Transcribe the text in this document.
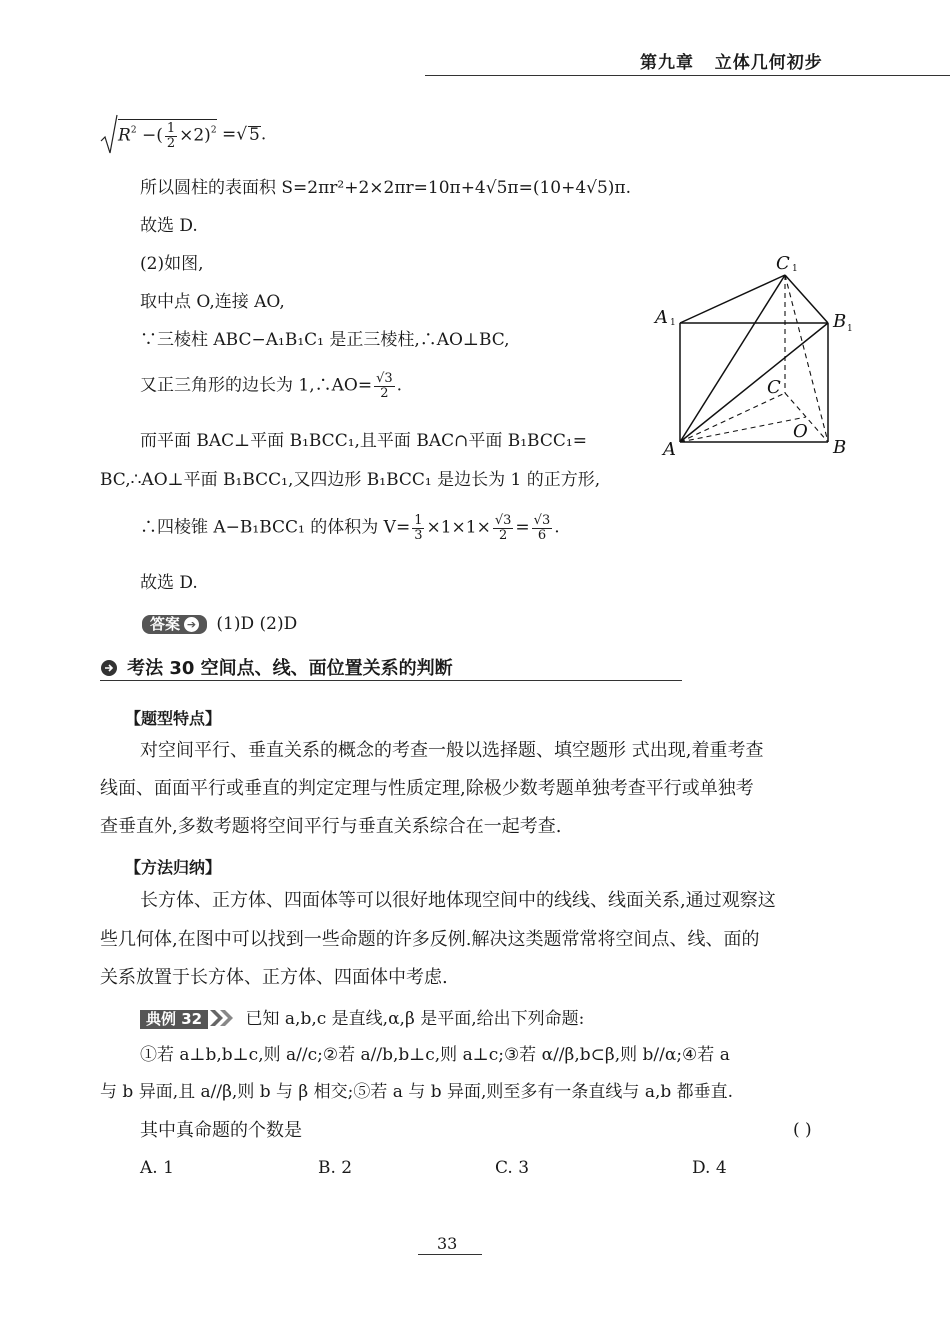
第九章 立体几何初步
$R^2$ −( $\frac{1}{2} \times 2)^2$ =√ 5.
所以圆柱的表面积 S=2πr²+2×2πr=10π+4√5π=(10+4√5)π.
故选 D.
(2)如图,
取中点 O,连接 AO,
∵三棱柱 ABC−A₁B₁C₁ 是正三棱柱,∴AO⊥BC,
又正三角形的边长为 1,∴AO= $\frac{√3}{2}$ .
而平面 BAC⊥平面 B₁BCC₁,且平面 BAC∩平面 B₁BCC₁=
BC,∴AO⊥平面 B₁BCC₁,又四边形 B₁BCC₁ 是边长为 1 的正方形,
∴四棱锥 A−B₁BCC₁ 的体积为 $V= \frac{1}{3} \times 1\times 1\times \frac{√3}{2} = \frac{√3}{6}$ .
故选 D.
答案 ➔ (1)D (2)D
C 1
A 1	B 1
C
O
A	B
考法 30 空间点、线、面位置关系的判断
【题型特点】
对空间平行、垂直关系的概念的考查一般以选择题、填空题形 式出现,着重考查
线面、面面平行或垂直的判定定理与性质定理,除极少数考题单独考查平行或单独考
查垂直外,多数考题将空间平行与垂直关系综合在一起考查.
【方法归纳】
长方体、正方体、四面体等可以很好地体现空间中的线线、线面关系,通过观察这
些几何体,在图中可以找到一些命题的许多反例.解决这类题常常将空间点、线、面的
关系放置于长方体、正方体、四面体中考虑.
典例 32	已知 a,b,c 是直线,α,β 是平面,给出下列命题:
①若 a⊥b,b⊥c,则 a//c;②若 a//b,b⊥c,则 a⊥c;③若 α//β,b⊂β,则 b//α;④若 a
与 b 异面,且 a//β,则 b 与 β 相交;⑤若 a 与 b 异面,则至多有一条直线与 a,b 都垂直.
其中真命题的个数是	( )
A. 1	B. 2	C. 3	D. 4
33
